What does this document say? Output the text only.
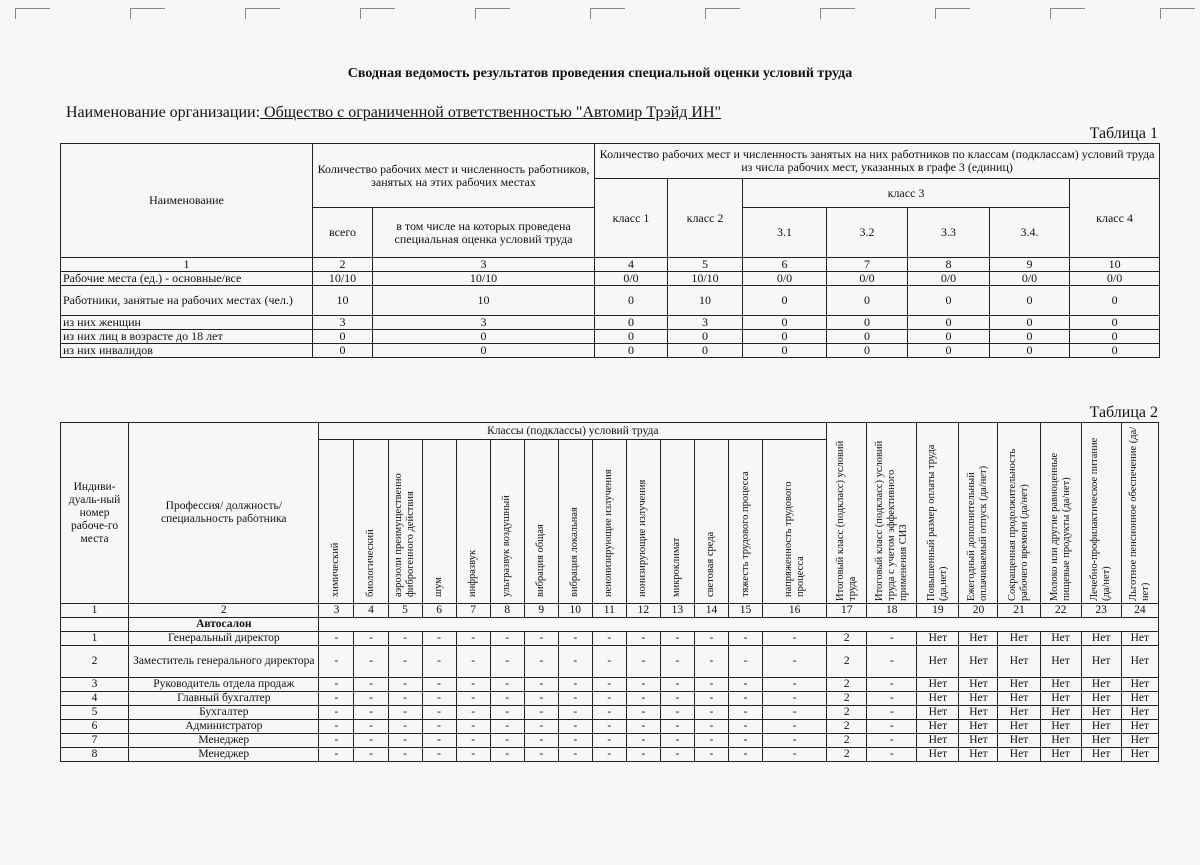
Сводная ведомость результатов проведения специальной оценки условий труда
Наименование организации: Общество с ограниченной ответственностью "Автомир Трэйд ИН"
Таблица 1
Наименование	Количество рабочих мест и численность работников, занятых на этих рабочих местах		Количество рабочих мест и численность занятых на них работников по классам (подклассам) условий труда из числа рабочих мест, указанных в графе 3 (единиц)						
			класс 1	класс 2	класс 3				класс 4
	всего	в том числе на которых проведена специальная оценка условий труда			3.1	3.2	3.3	3.4.	
1	2	3	4	5	6	7	8	9	10
Рабочие места (ед.) - основные/все	10/10	10/10	0/0	10/10	0/0	0/0	0/0	0/0	0/0
Работники, занятые на рабочих местах (чел.)	10	10	0	10	0	0	0	0	0
из них женщин	3	3	0	3	0	0	0	0	0
из них лиц в возрасте до 18 лет	0	0	0	0	0	0	0	0	0
из них инвалидов	0	0	0	0	0	0	0	0	0
Таблица 2
Индиви-дуаль-ный номер рабоче-го места	Профессия/ должность/ специальность работника	Классы (подклассы) условий труда														Итоговый класс (подкласс) условий труда	Итоговый класс (подкласс) условий труда с учетом эффективного применения СИЗ	Повышенный размер оплаты труда (да,нет)	Ежегодный дополнительный оплачиваемый отпуск (да/нет)	Сокращенная продолжительность рабочего времени (да/нет)	Молоко или другие равноценные пищевые продукты (да/нет)	Лечебно-профилактическое питание (да/нет)	Льготное пенсионное обеспечение (да/нет)

		химический	биологический	аэрозоли преимущественно фиброгенного действия	шум	инфразвук	ультразвук воздушный	вибрация общая	вибрация локальная	неионизирующие излучения	ионизирующие излучения	микроклимат	световая среда	тяжесть трудового процесса	напряженность трудового процесса								

1	2	3	4	5	6	7	8	9	10	11	12	13	14	15	16	17	18	19	20	21	22	23	24
	Автосалон																						
1	Генеральный директор	-	-	-	-	-	-	-	-	-	-	-	-	-	-	2	-	Нет	Нет	Нет	Нет	Нет	Нет
2	Заместитель генерального директора	-	-	-	-	-	-	-	-	-	-	-	-	-	-	2	-	Нет	Нет	Нет	Нет	Нет	Нет
3	Руководитель отдела продаж	-	-	-	-	-	-	-	-	-	-	-	-	-	-	2	-	Нет	Нет	Нет	Нет	Нет	Нет
4	Главный бухгалтер	-	-	-	-	-	-	-	-	-	-	-	-	-	-	2	-	Нет	Нет	Нет	Нет	Нет	Нет
5	Бухгалтер	-	-	-	-	-	-	-	-	-	-	-	-	-	-	2	-	Нет	Нет	Нет	Нет	Нет	Нет
6	Администратор	-	-	-	-	-	-	-	-	-	-	-	-	-	-	2	-	Нет	Нет	Нет	Нет	Нет	Нет
7	Менеджер	-	-	-	-	-	-	-	-	-	-	-	-	-	-	2	-	Нет	Нет	Нет	Нет	Нет	Нет
8	Менеджер	-	-	-	-	-	-	-	-	-	-	-	-	-	-	2	-	Нет	Нет	Нет	Нет	Нет	Нет
